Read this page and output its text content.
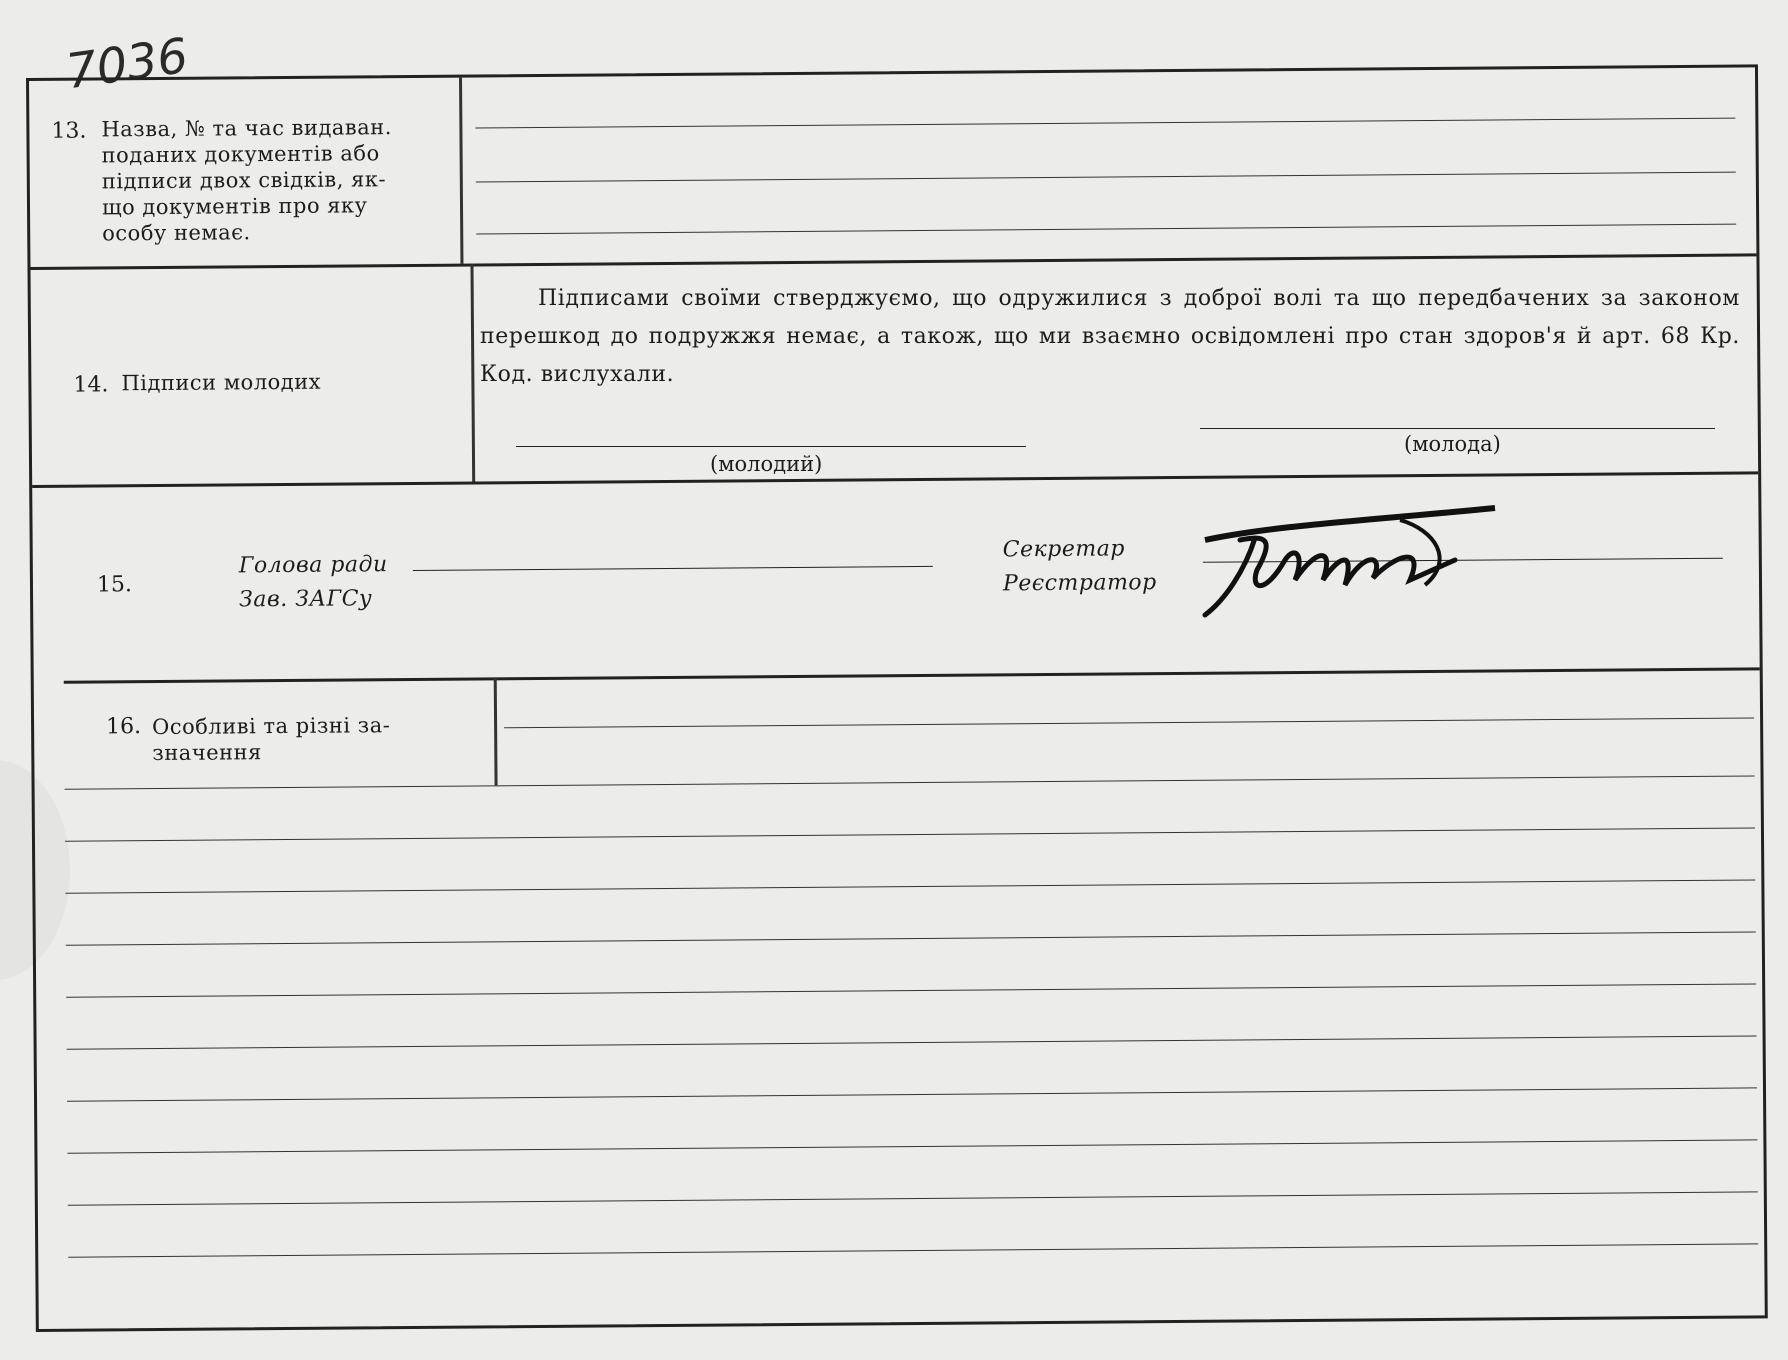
7036
13. Назва, № та час видаван.
поданих документів або
підписи двох свідків, як-
що документів про яку
особу немає.
14. Підписи молодих
15.
Голова ради
Зав. ЗАГСу
Секретар
Реєстратор
16. Особливі та різні за-
значення
Підписами своїми стверджуємо, що одружилися з доброї волі та що передбачених за законом перешкод до подружжя немає, а також, що ми взаємно освідомлені про стан здоров'я й арт. 68 Кр. Код. вислухали.
(молодий)
(молода)
